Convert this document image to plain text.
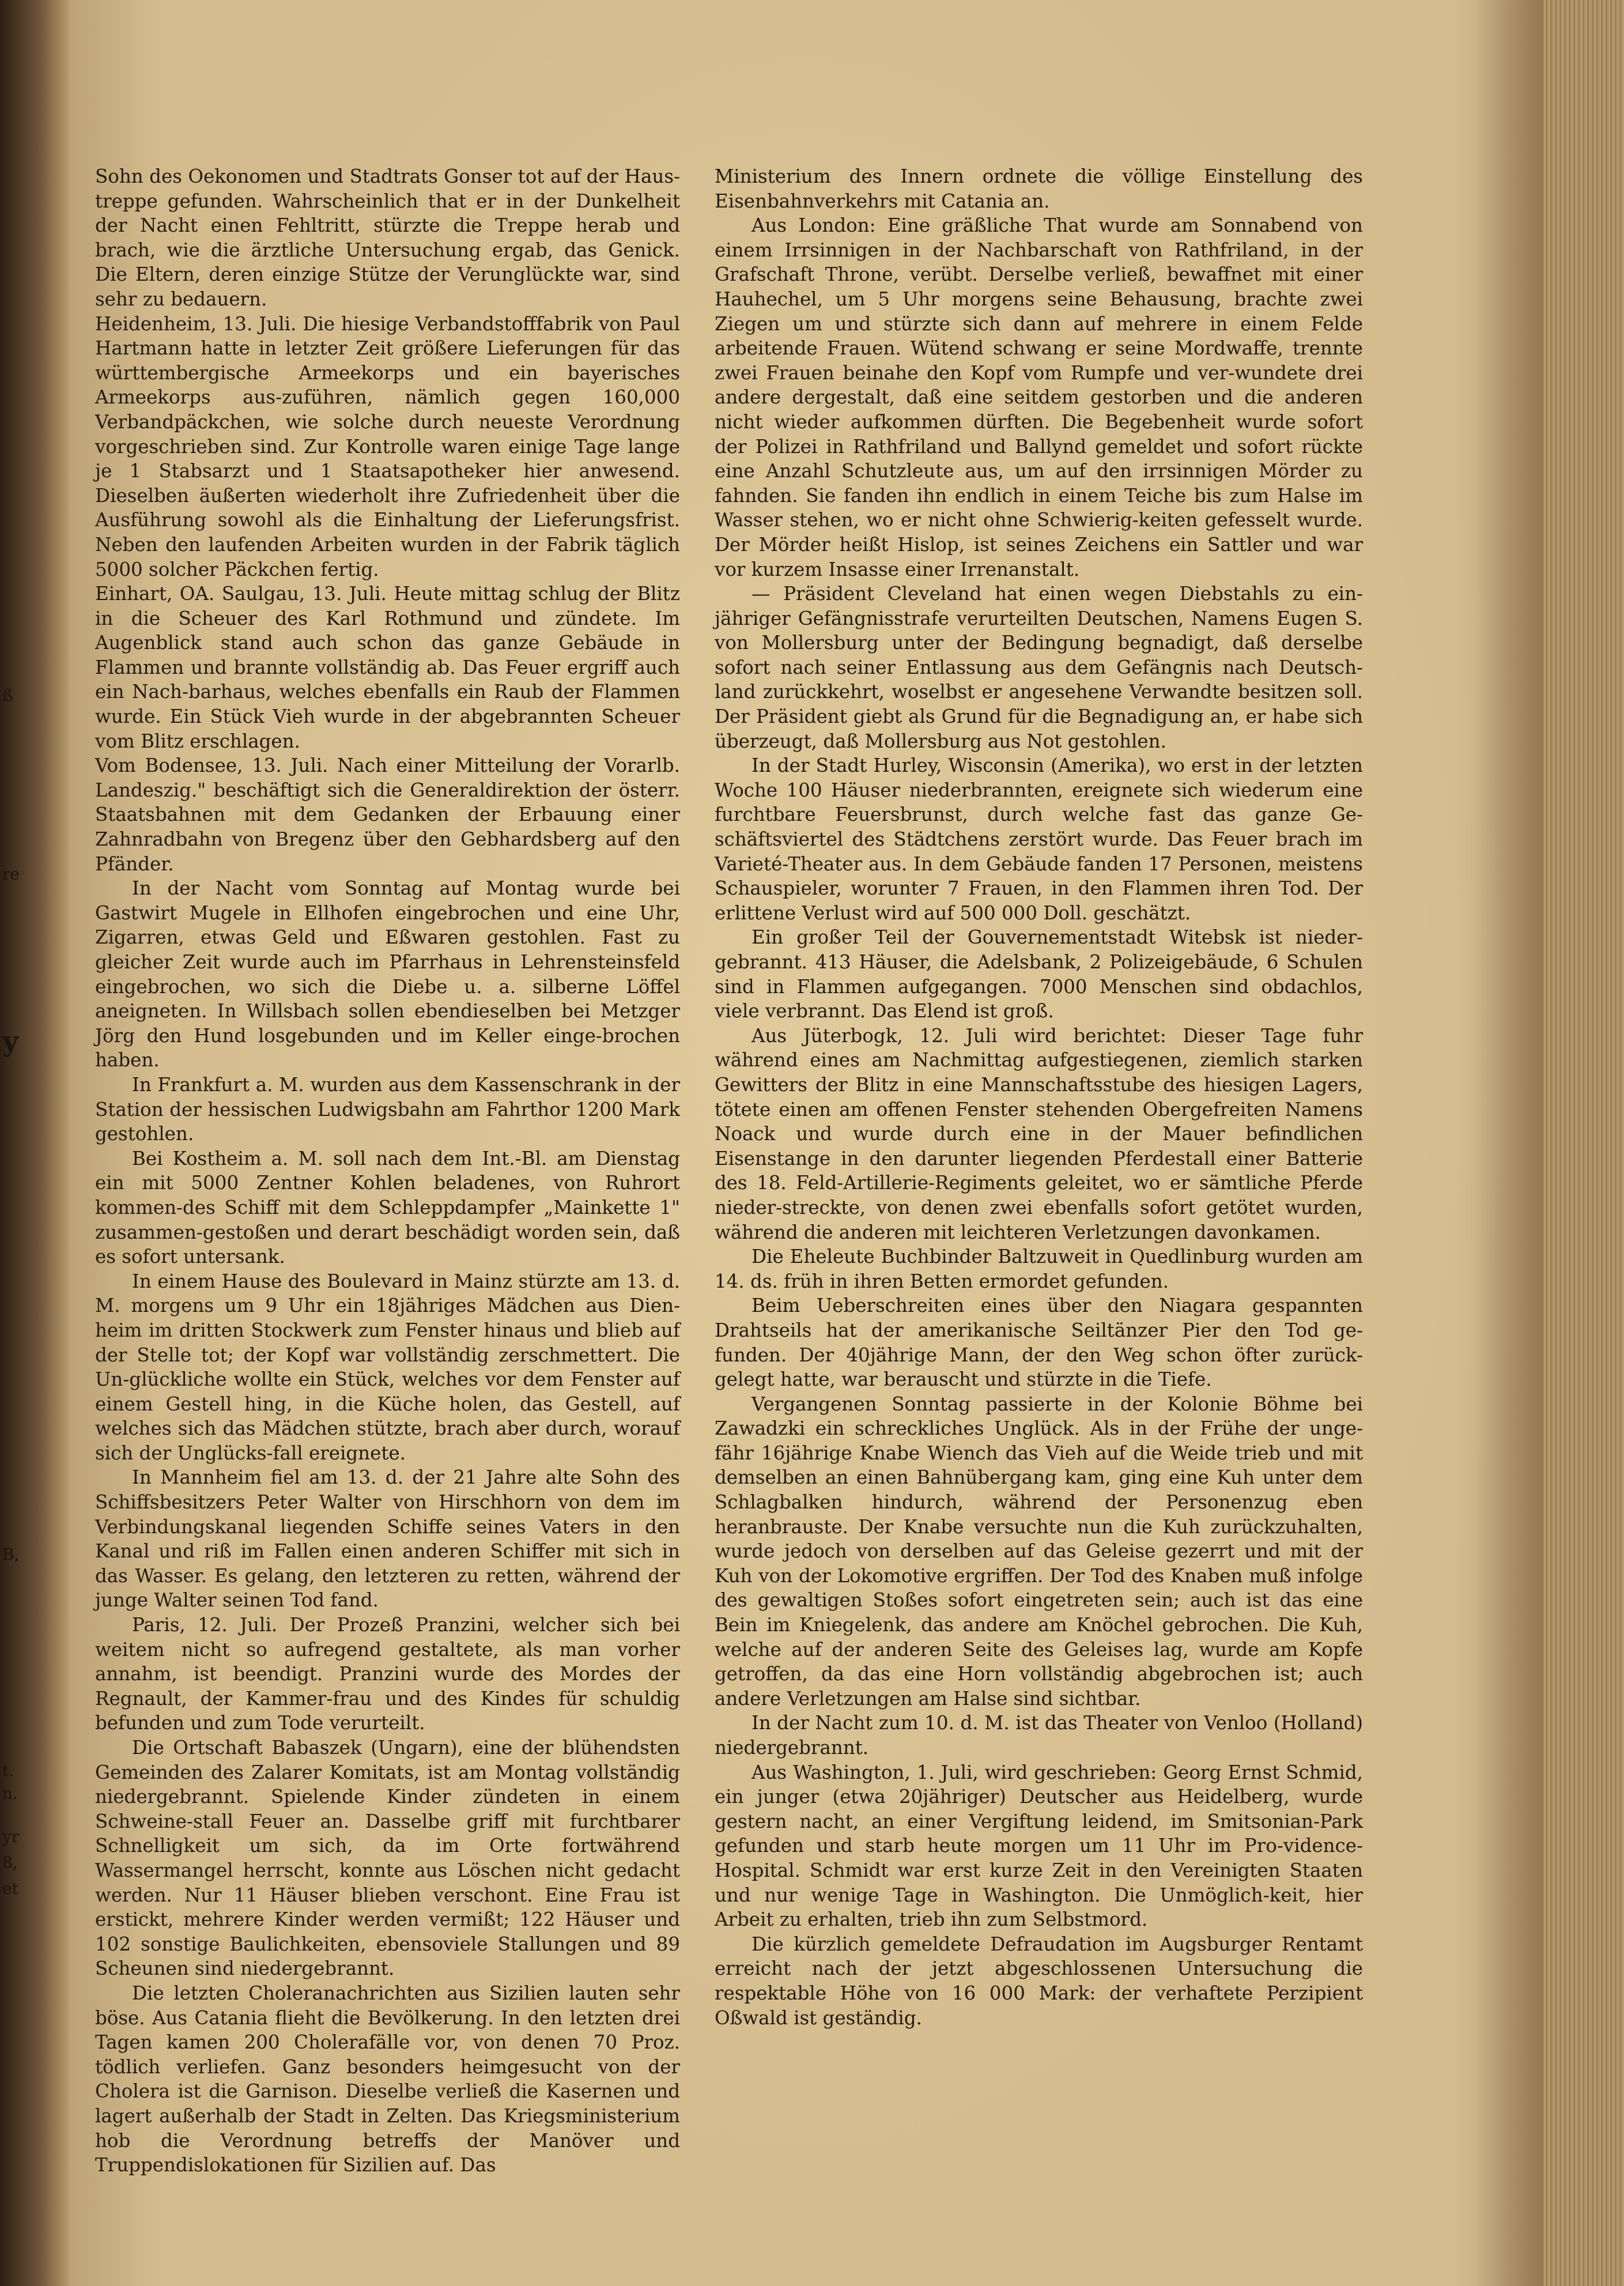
ß
re
y
B,
t.
n.
yr
8,
et

Sohn des Oekonomen und Stadtrats Gonser tot auf der Haus-treppe gefunden. Wahrscheinlich that er in der Dunkelheit der Nacht einen Fehltritt, stürzte die Treppe herab und brach, wie die ärztliche Untersuchung ergab, das Genick. Die Eltern, deren einzige Stütze der Verunglückte war, sind sehr zu bedauern.

Heidenheim, 13. Juli. Die hiesige Verbandstofffabrik von Paul Hartmann hatte in letzter Zeit größere Lieferungen für das württembergische Armeekorps und ein bayerisches Armeekorps aus-zuführen, nämlich gegen 160,000 Verbandpäckchen, wie solche durch neueste Verordnung vorgeschrieben sind. Zur Kontrolle waren einige Tage lange je 1 Stabsarzt und 1 Staatsapotheker hier anwesend. Dieselben äußerten wiederholt ihre Zufriedenheit über die Ausführung sowohl als die Einhaltung der Lieferungsfrist. Neben den laufenden Arbeiten wurden in der Fabrik täglich 5000 solcher Päckchen fertig.

Einhart, OA. Saulgau, 13. Juli. Heute mittag schlug der Blitz in die Scheuer des Karl Rothmund und zündete. Im Augenblick stand auch schon das ganze Gebäude in Flammen und brannte vollständig ab. Das Feuer ergriff auch ein Nach-barhaus, welches ebenfalls ein Raub der Flammen wurde. Ein Stück Vieh wurde in der abgebrannten Scheuer vom Blitz erschlagen.

Vom Bodensee, 13. Juli. Nach einer Mitteilung der Vorarlb. Landeszig." beschäftigt sich die Generaldirektion der österr. Staatsbahnen mit dem Gedanken der Erbauung einer Zahnradbahn von Bregenz über den Gebhardsberg auf den Pfänder.

In der Nacht vom Sonntag auf Montag wurde bei Gastwirt Mugele in Ellhofen eingebrochen und eine Uhr, Zigarren, etwas Geld und Eßwaren gestohlen. Fast zu gleicher Zeit wurde auch im Pfarrhaus in Lehrensteinsfeld eingebrochen, wo sich die Diebe u. a. silberne Löffel aneigneten. In Willsbach sollen ebendieselben bei Metzger Jörg den Hund losgebunden und im Keller einge-brochen haben.

In Frankfurt a. M. wurden aus dem Kassenschrank in der Station der hessischen Ludwigsbahn am Fahrthor 1200 Mark gestohlen.

Bei Kostheim a. M. soll nach dem Int.-Bl. am Dienstag ein mit 5000 Zentner Kohlen beladenes, von Ruhrort kommen-des Schiff mit dem Schleppdampfer „Mainkette 1" zusammen-gestoßen und derart beschädigt worden sein, daß es sofort untersank.

In einem Hause des Boulevard in Mainz stürzte am 13. d. M. morgens um 9 Uhr ein 18jähriges Mädchen aus Dien-heim im dritten Stockwerk zum Fenster hinaus und blieb auf der Stelle tot; der Kopf war vollständig zerschmettert. Die Un-glückliche wollte ein Stück, welches vor dem Fenster auf einem Gestell hing, in die Küche holen, das Gestell, auf welches sich das Mädchen stützte, brach aber durch, worauf sich der Unglücks-fall ereignete.

In Mannheim fiel am 13. d. der 21 Jahre alte Sohn des Schiffsbesitzers Peter Walter von Hirschhorn von dem im Verbindungskanal liegenden Schiffe seines Vaters in den Kanal und riß im Fallen einen anderen Schiffer mit sich in das Wasser. Es gelang, den letzteren zu retten, während der junge Walter seinen Tod fand.

Paris, 12. Juli. Der Prozeß Pranzini, welcher sich bei weitem nicht so aufregend gestaltete, als man vorher annahm, ist beendigt. Pranzini wurde des Mordes der Regnault, der Kammer-frau und des Kindes für schuldig befunden und zum Tode verurteilt.

Die Ortschaft Babaszek (Ungarn), eine der blühendsten Gemeinden des Zalarer Komitats, ist am Montag vollständig niedergebrannt. Spielende Kinder zündeten in einem Schweine-stall Feuer an. Dasselbe griff mit furchtbarer Schnelligkeit um sich, da im Orte fortwährend Wassermangel herrscht, konnte aus Löschen nicht gedacht werden. Nur 11 Häuser blieben verschont. Eine Frau ist erstickt, mehrere Kinder werden vermißt; 122 Häuser und 102 sonstige Baulichkeiten, ebensoviele Stallungen und 89 Scheunen sind niedergebrannt.

Die letzten Choleranachrichten aus Sizilien lauten sehr böse. Aus Catania flieht die Bevölkerung. In den letzten drei Tagen kamen 200 Cholerafälle vor, von denen 70 Proz. tödlich verliefen. Ganz besonders heimgesucht von der Cholera ist die Garnison. Dieselbe verließ die Kasernen und lagert außerhalb der Stadt in Zelten. Das Kriegsministerium hob die Verordnung betreffs der Manöver und Truppendislokationen für Sizilien auf. Das

Ministerium des Innern ordnete die völlige Einstellung des Eisenbahnverkehrs mit Catania an.

Aus London: Eine gräßliche That wurde am Sonnabend von einem Irrsinnigen in der Nachbarschaft von Rathfriland, in der Grafschaft Throne, verübt. Derselbe verließ, bewaffnet mit einer Hauhechel, um 5 Uhr morgens seine Behausung, brachte zwei Ziegen um und stürzte sich dann auf mehrere in einem Felde arbeitende Frauen. Wütend schwang er seine Mordwaffe, trennte zwei Frauen beinahe den Kopf vom Rumpfe und ver-wundete drei andere dergestalt, daß eine seitdem gestorben und die anderen nicht wieder aufkommen dürften. Die Begebenheit wurde sofort der Polizei in Rathfriland und Ballynd gemeldet und sofort rückte eine Anzahl Schutzleute aus, um auf den irrsinnigen Mörder zu fahnden. Sie fanden ihn endlich in einem Teiche bis zum Halse im Wasser stehen, wo er nicht ohne Schwierig-keiten gefesselt wurde. Der Mörder heißt Hislop, ist seines Zeichens ein Sattler und war vor kurzem Insasse einer Irrenanstalt.

— Präsident Cleveland hat einen wegen Diebstahls zu ein-jähriger Gefängnisstrafe verurteilten Deutschen, Namens Eugen S. von Mollersburg unter der Bedingung begnadigt, daß derselbe sofort nach seiner Entlassung aus dem Gefängnis nach Deutsch-land zurückkehrt, woselbst er angesehene Verwandte besitzen soll. Der Präsident giebt als Grund für die Begnadigung an, er habe sich überzeugt, daß Mollersburg aus Not gestohlen.

In der Stadt Hurley, Wisconsin (Amerika), wo erst in der letzten Woche 100 Häuser niederbrannten, ereignete sich wiederum eine furchtbare Feuersbrunst, durch welche fast das ganze Ge-schäftsviertel des Städtchens zerstört wurde. Das Feuer brach im Varieté-Theater aus. In dem Gebäude fanden 17 Personen, meistens Schauspieler, worunter 7 Frauen, in den Flammen ihren Tod. Der erlittene Verlust wird auf 500 000 Doll. geschätzt.

Ein großer Teil der Gouvernementstadt Witebsk ist nieder-gebrannt. 413 Häuser, die Adelsbank, 2 Polizeigebäude, 6 Schulen sind in Flammen aufgegangen. 7000 Menschen sind obdachlos, viele verbrannt. Das Elend ist groß.

Aus Jüterbogk, 12. Juli wird berichtet: Dieser Tage fuhr während eines am Nachmittag aufgestiegenen, ziemlich starken Gewitters der Blitz in eine Mannschaftsstube des hiesigen Lagers, tötete einen am offenen Fenster stehenden Obergefreiten Namens Noack und wurde durch eine in der Mauer befindlichen Eisenstange in den darunter liegenden Pferdestall einer Batterie des 18. Feld-Artillerie-Regiments geleitet, wo er sämtliche Pferde nieder-streckte, von denen zwei ebenfalls sofort getötet wurden, während die anderen mit leichteren Verletzungen davonkamen.

Die Eheleute Buchbinder Baltzuweit in Quedlinburg wurden am 14. ds. früh in ihren Betten ermordet gefunden.

Beim Ueberschreiten eines über den Niagara gespannten Drahtseils hat der amerikanische Seiltänzer Pier den Tod ge-funden. Der 40jährige Mann, der den Weg schon öfter zurück-gelegt hatte, war berauscht und stürzte in die Tiefe.

Vergangenen Sonntag passierte in der Kolonie Böhme bei Zawadzki ein schreckliches Unglück. Als in der Frühe der unge-fähr 16jährige Knabe Wiench das Vieh auf die Weide trieb und mit demselben an einen Bahnübergang kam, ging eine Kuh unter dem Schlagbalken hindurch, während der Personenzug eben heranbrauste. Der Knabe versuchte nun die Kuh zurückzuhalten, wurde jedoch von derselben auf das Geleise gezerrt und mit der Kuh von der Lokomotive ergriffen. Der Tod des Knaben muß infolge des gewaltigen Stoßes sofort eingetreten sein; auch ist das eine Bein im Kniegelenk, das andere am Knöchel gebrochen. Die Kuh, welche auf der anderen Seite des Geleises lag, wurde am Kopfe getroffen, da das eine Horn vollständig abgebrochen ist; auch andere Verletzungen am Halse sind sichtbar.

In der Nacht zum 10. d. M. ist das Theater von Venloo (Holland) niedergebrannt.

Aus Washington, 1. Juli, wird geschrieben: Georg Ernst Schmid, ein junger (etwa 20jähriger) Deutscher aus Heidelberg, wurde gestern nacht, an einer Vergiftung leidend, im Smitsonian-Park gefunden und starb heute morgen um 11 Uhr im Pro-vidence-Hospital. Schmidt war erst kurze Zeit in den Vereinigten Staaten und nur wenige Tage in Washington. Die Unmöglich-keit, hier Arbeit zu erhalten, trieb ihn zum Selbstmord.

Die kürzlich gemeldete Defraudation im Augsburger Rentamt erreicht nach der jetzt abgeschlossenen Untersuchung die respektable Höhe von 16 000 Mark: der verhaftete Perzipient Oßwald ist geständig.
